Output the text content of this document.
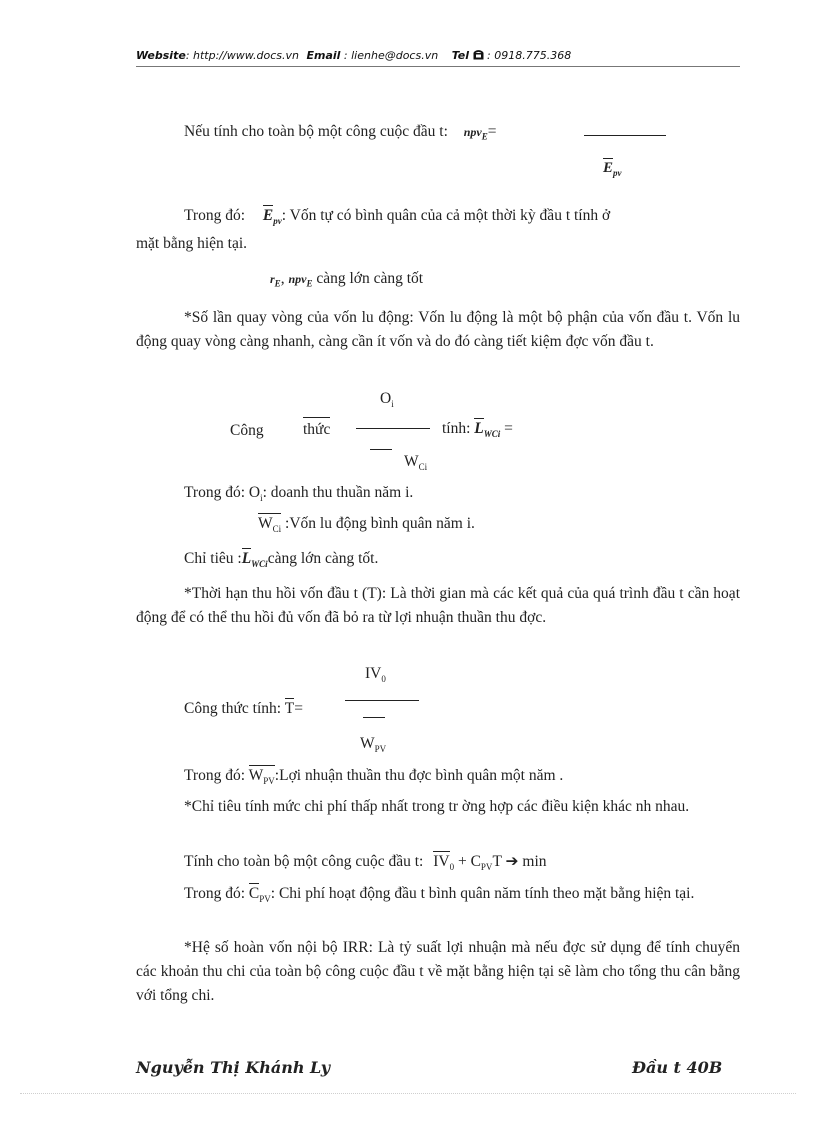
Website: http://www.docs.vn Email : lienhe@docs.vn Tel : 0918.775.368
Nếu tính cho toàn bộ một công cuộc đầu t: npv$_E$=
$E_{pv}$
Trong đó: $E_{pv}$: Vốn tự có bình quân của cả một thời kỳ đầu t tính ở
mặt bằng hiện tại.
$r_E$, npv$_E$ càng lớn càng tốt
*Số lần quay vòng của vốn lu động: Vốn lu động là một bộ phận của vốn đầu t. Vốn lu động quay vòng càng nhanh, càng cần ít vốn và do đó càng tiết kiệm đợc vốn đầu t.
$O_i$
Công	thức	tính: $L_{WCi}$ =
$W_{Ci}$
Trong đó: $O_i$: doanh thu thuần năm i.
$W_{Ci}$ :Vốn lu động bình quân năm i.
Chỉ tiêu $:L_{WCi}càng$ lớn càng tốt.
*Thời hạn thu hồi vốn đầu t (T): Là thời gian mà các kết quả của quá trình đầu t cần hoạt động để có thể thu hồi đủ vốn đã bỏ ra từ lợi nhuận thuần thu đợc.
$IV_0$
Công thức tính: T=
$W_{PV}$
Trong đó: $W_{PV}:Lợi$ nhuận thuần thu đợc bình quân một năm .
*Chỉ tiêu tính mức chi phí thấp nhất trong tr ờng hợp các điều kiện khác nh nhau.
Tính cho toàn bộ một công cuộc đầu t: $IV_0 + C_{PV}T$ ➔ min
Trong đó: $C_{PV}$: Chi phí hoạt động đầu t bình quân năm tính theo mặt bằng hiện tại.
*Hệ số hoàn vốn nội bộ IRR: Là tỷ suất lợi nhuận mà nếu đợc sử dụng để tính chuyển các khoản thu chi của toàn bộ công cuộc đầu t về mặt bằng hiện tại sẽ làm cho tổng thu cân bằng với tổng chi.
Nguyễn Thị Khánh Ly	Đầu t 40B
